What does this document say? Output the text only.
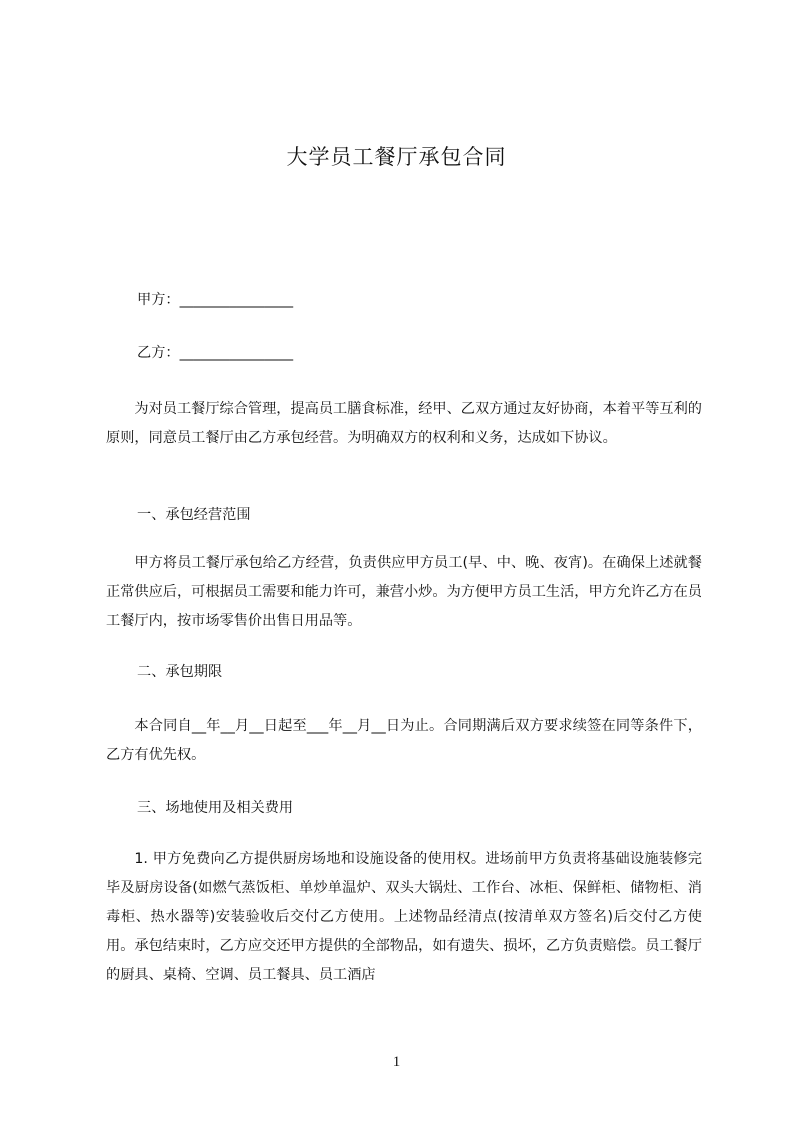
大学员工餐厅承包合同

甲方：________________

乙方：________________

为对员工餐厅综合管理，提高员工膳食标准，经甲、乙双方通过友好协商，本着平等互利的原则，同意员工餐厅由乙方承包经营。为明确双方的权利和义务，达成如下协议。

一、承包经营范围

甲方将员工餐厅承包给乙方经营，负责供应甲方员工(早、中、晚、夜宵)。在确保上述就餐正常供应后，可根据员工需要和能力许可，兼营小炒。为方便甲方员工生活，甲方允许乙方在员工餐厅内，按市场零售价出售日用品等。

二、承包期限

本合同自__年__月__日起至___年__月__日为止。合同期满后双方要求续签在同等条件下，乙方有优先权。

三、场地使用及相关费用

1. 甲方免费向乙方提供厨房场地和设施设备的使用权。进场前甲方负责将基础设施装修完毕及厨房设备(如燃气蒸饭柜、单炒单温炉、双头大锅灶、工作台、冰柜、保鲜柜、储物柜、消毒柜、热水器等)安装验收后交付乙方使用。上述物品经清点(按清单双方签名)后交付乙方使用。承包结束时，乙方应交还甲方提供的全部物品，如有遗失、损坏，乙方负责赔偿。员工餐厅的厨具、桌椅、空调、员工餐具、员工酒店

1
